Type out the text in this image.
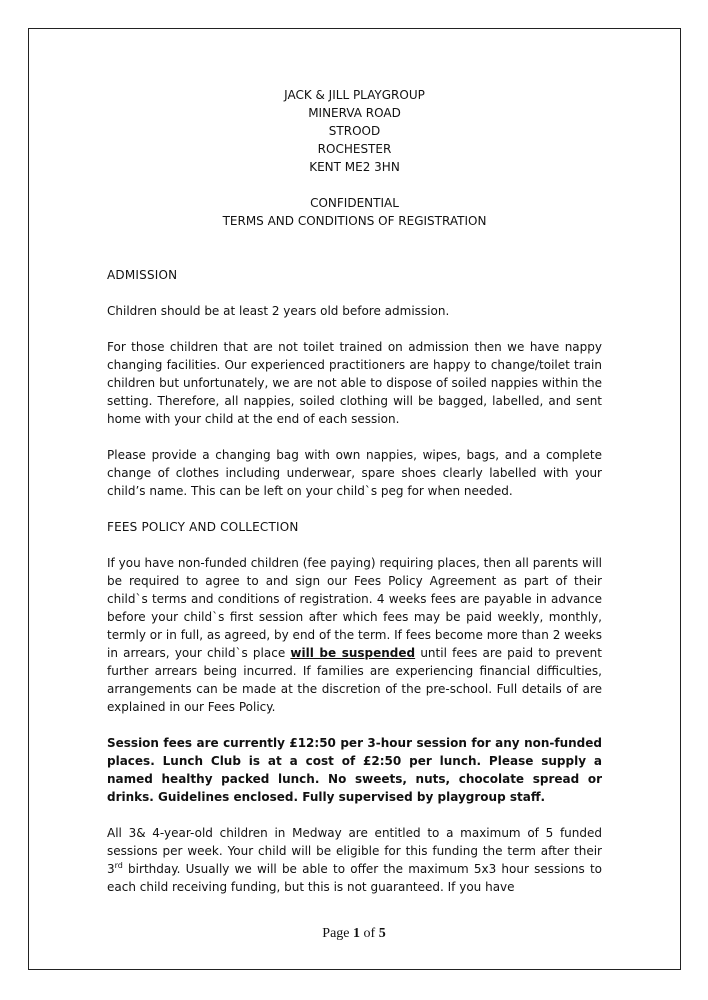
JACK & JILL PLAYGROUP
MINERVA ROAD
STROOD
ROCHESTER
KENT ME2 3HN
CONFIDENTIAL
TERMS AND CONDITIONS OF REGISTRATION
ADMISSION

Children should be at least 2 years old before admission.

For those children that are not toilet trained on admission then we have nappy changing facilities. Our experienced practitioners are happy to change/toilet train children but unfortunately, we are not able to dispose of soiled nappies within the setting. Therefore, all nappies, soiled clothing will be bagged, labelled, and sent home with your child at the end of each session.

Please provide a changing bag with own nappies, wipes, bags, and a complete change of clothes including underwear, spare shoes clearly labelled with your child’s name. This can be left on your child`s peg for when needed.

FEES POLICY AND COLLECTION

If you have non-funded children (fee paying) requiring places, then all parents will be required to agree to and sign our Fees Policy Agreement as part of their child`s terms and conditions of registration. 4 weeks fees are payable in advance before your child`s first session after which fees may be paid weekly, monthly, termly or in full, as agreed, by end of the term. If fees become more than 2 weeks in arrears, your child`s place will be suspended until fees are paid to prevent further arrears being incurred. If families are experiencing financial difficulties, arrangements can be made at the discretion of the pre-school. Full details of are explained in our Fees Policy.

Session fees are currently £12:50 per 3-hour session for any non-funded places. Lunch Club is at a cost of £2:50 per lunch. Please supply a named healthy packed lunch. No sweets, nuts, chocolate spread or drinks. Guidelines enclosed. Fully supervised by playgroup staff.

All 3& 4-year-old children in Medway are entitled to a maximum of 5 funded sessions per week. Your child will be eligible for this funding the term after their 3rd birthday. Usually we will be able to offer the maximum 5x3 hour sessions to each child receiving funding, but this is not guaranteed. If you have

Page 1 of 5
